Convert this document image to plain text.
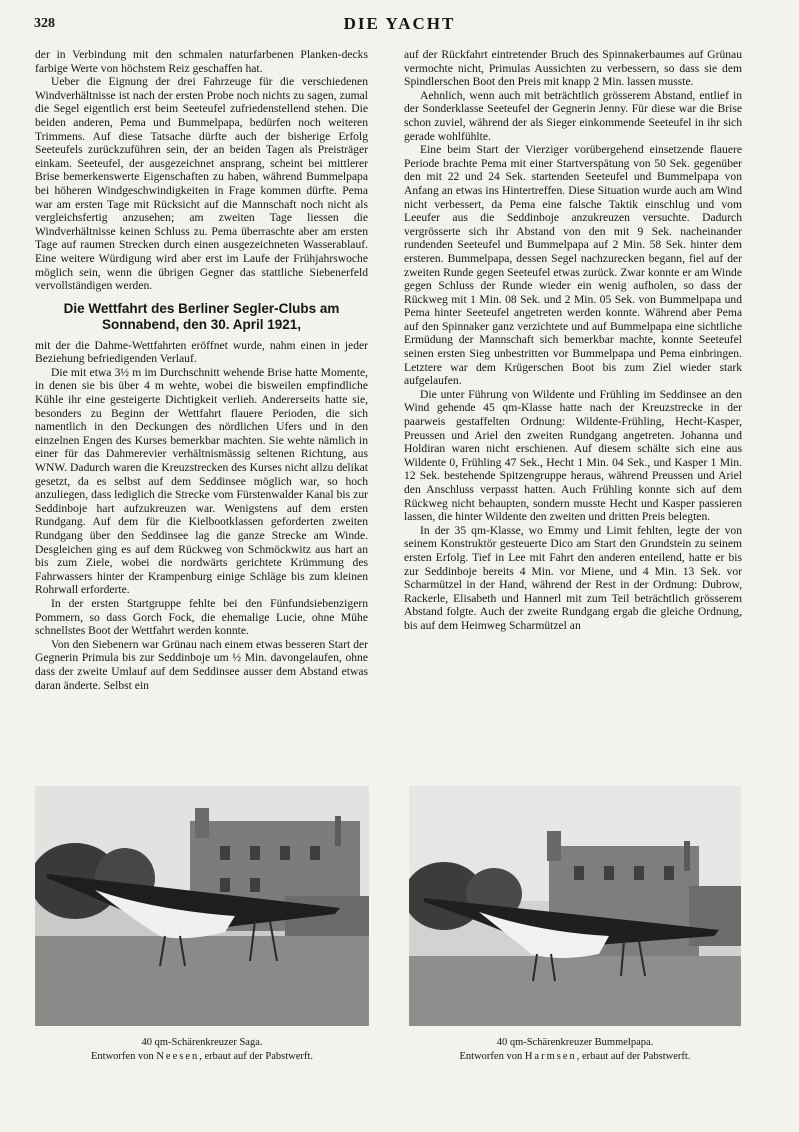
328	DIE YACHT

der in Verbindung mit den schmalen naturfarbenen Planken-decks farbige Werte von höchstem Reiz geschaffen hat.

Ueber die Eignung der drei Fahrzeuge für die verschiedenen Windverhältnisse ist nach der ersten Probe noch nichts zu sagen, zumal die Segel eigentlich erst beim Seeteufel zufriedenstellend stehen. Die beiden anderen, Pema und Bummelpapa, bedürfen noch weiteren Trimmens. Auf diese Tatsache dürfte auch der bisherige Erfolg Seeteufels zurückzuführen sein, der an beiden Tagen als Preisträger einkam. Seeteufel, der ausgezeichnet ansprang, scheint bei mittlerer Brise bemerkenswerte Eigenschaften zu haben, während Bummelpapa bei höheren Windgeschwindigkeiten in Frage kommen dürfte. Pema war am ersten Tage mit Rücksicht auf die Mannschaft noch nicht als vergleichsfertig anzusehen; am zweiten Tage liessen die Windverhältnisse keinen Schluss zu. Pema überraschte aber am ersten Tage auf raumen Strecken durch einen ausgezeichneten Wasserablauf. Eine weitere Würdigung wird aber erst im Laufe der Frühjahrswoche möglich sein, wenn die übrigen Gegner das stattliche Siebenerfeld vervollständigen werden.

Die Wettfahrt des Berliner Segler-Clubs am Sonnabend, den 30. April 1921,

mit der die Dahme-Wettfahrten eröffnet wurde, nahm einen in jeder Beziehung befriedigenden Verlauf.

Die mit etwa 3½ m im Durchschnitt wehende Brise hatte Momente, in denen sie bis über 4 m wehte, wobei die bisweilen empfindliche Kühle ihr eine gesteigerte Dichtigkeit verlieh. Andererseits hatte sie, besonders zu Beginn der Wettfahrt flauere Perioden, die sich namentlich in den Deckungen des nördlichen Ufers und in den einzelnen Engen des Kurses bemerkbar machten. Sie wehte nämlich in einer für das Dahmerevier verhältnismässig seltenen Richtung, aus WNW. Dadurch waren die Kreuzstrecken des Kurses nicht allzu delikat gesetzt, da es selbst auf dem Seddinsee möglich war, so hoch anzuliegen, dass lediglich die Strecke vom Fürstenwalder Kanal bis zur Seddinboje hart aufzukreuzen war. Wenigstens auf dem ersten Rundgang. Auf dem für die Kielbootklassen geforderten zweiten Rundgang über den Seddinsee lag die ganze Strecke am Winde. Desgleichen ging es auf dem Rückweg von Schmöckwitz aus hart an bis zum Ziele, wobei die nordwärts gerichtete Krümmung des Fahrwassers hinter der Krampenburg einige Schläge bis zum kleinen Rohrwall erforderte.

In der ersten Startgruppe fehlte bei den Fünfundsiebenzigern Pommern, so dass Gorch Fock, die ehemalige Lucie, ohne Mühe schnellstes Boot der Wettfahrt werden konnte.

Von den Siebenern war Grünau nach einem etwas besseren Start der Gegnerin Primula bis zur Seddinboje um ½ Min. davongelaufen, ohne dass der zweite Umlauf auf dem Seddinsee ausser dem Abstand etwas daran änderte. Selbst ein

auf der Rückfahrt eintretender Bruch des Spinnakerbaumes auf Grünau vermochte nicht, Primulas Aussichten zu verbessern, so dass sie dem Spindlerschen Boot den Preis mit knapp 2 Min. lassen musste.

Aehnlich, wenn auch mit beträchtlich grösserem Abstand, entlief in der Sonderklasse Seeteufel der Gegnerin Jenny. Für diese war die Brise schon zuviel, während der als Sieger einkommende Seeteufel in ihr sich gerade wohlfühlte.

Eine beim Start der Vierziger vorübergehend einsetzende flauere Periode brachte Pema mit einer Startverspätung von 50 Sek. gegenüber den mit 22 und 24 Sek. startenden Seeteufel und Bummelpapa von Anfang an etwas ins Hintertreffen. Diese Situation wurde auch am Wind nicht verbessert, da Pema eine falsche Taktik einschlug und vom Leeufer aus die Seddinboje anzukreuzen versuchte. Dadurch vergrösserte sich ihr Abstand von den mit 9 Sek. nacheinander rundenden Seeteufel und Bummelpapa auf 2 Min. 58 Sek. hinter dem ersteren. Bummelpapa, dessen Segel nachzurecken begann, fiel auf der zweiten Runde gegen Seeteufel etwas zurück. Zwar konnte er am Winde gegen Schluss der Runde wieder ein wenig aufholen, so dass der Rückweg mit 1 Min. 08 Sek. und 2 Min. 05 Sek. von Bummelpapa und Pema hinter Seeteufel angetreten werden konnte. Während aber Pema auf den Spinnaker ganz verzichtete und auf Bummelpapa eine sichtliche Ermüdung der Mannschaft sich bemerkbar machte, konnte Seeteufel seinen ersten Sieg unbestritten vor Bummelpapa und Pema einbringen. Letztere war dem Krügerschen Boot bis zum Ziel wieder stark aufgelaufen.

Die unter Führung von Wildente und Frühling im Seddinsee an den Wind gehende 45 qm-Klasse hatte nach der Kreuzstrecke in der paarweis gestaffelten Ordnung: Wildente-Frühling, Hecht-Kasper, Preussen und Ariel den zweiten Rundgang angetreten. Johanna und Holdiran waren nicht erschienen. Auf diesem schälte sich eine aus Wildente 0, Frühling 47 Sek., Hecht 1 Min. 04 Sek., und Kasper 1 Min. 12 Sek. bestehende Spitzengruppe heraus, während Preussen und Ariel den Anschluss verpasst hatten. Auch Frühling konnte sich auf dem Rückweg nicht behaupten, sondern musste Hecht und Kasper passieren lassen, die hinter Wildente den zweiten und dritten Preis belegten.

In der 35 qm-Klasse, wo Emmy und Limit fehlten, legte der von seinem Konstruktör gesteuerte Dico am Start den Grundstein zu seinem ersten Erfolg. Tief in Lee mit Fahrt den anderen enteilend, hatte er bis zur Seddinboje bereits 4 Min. vor Miene, und 4 Min. 13 Sek. vor Scharmützel in der Hand, während der Rest in der Ordnung: Dubrow, Rackerle, Elisabeth und Hannerl mit zum Teil beträchtlich grösserem Abstand folgte. Auch der zweite Rundgang ergab die gleiche Ordnung, bis auf dem Heimweg Scharmützel an

40 qm-Schärenkreuzer Saga.
Entworfen von Neesen, erbaut auf der Pabstwerft.
40 qm-Schärenkreuzer Bummelpapa.
Entworfen von Harmsen, erbaut auf der Pabstwerft.
